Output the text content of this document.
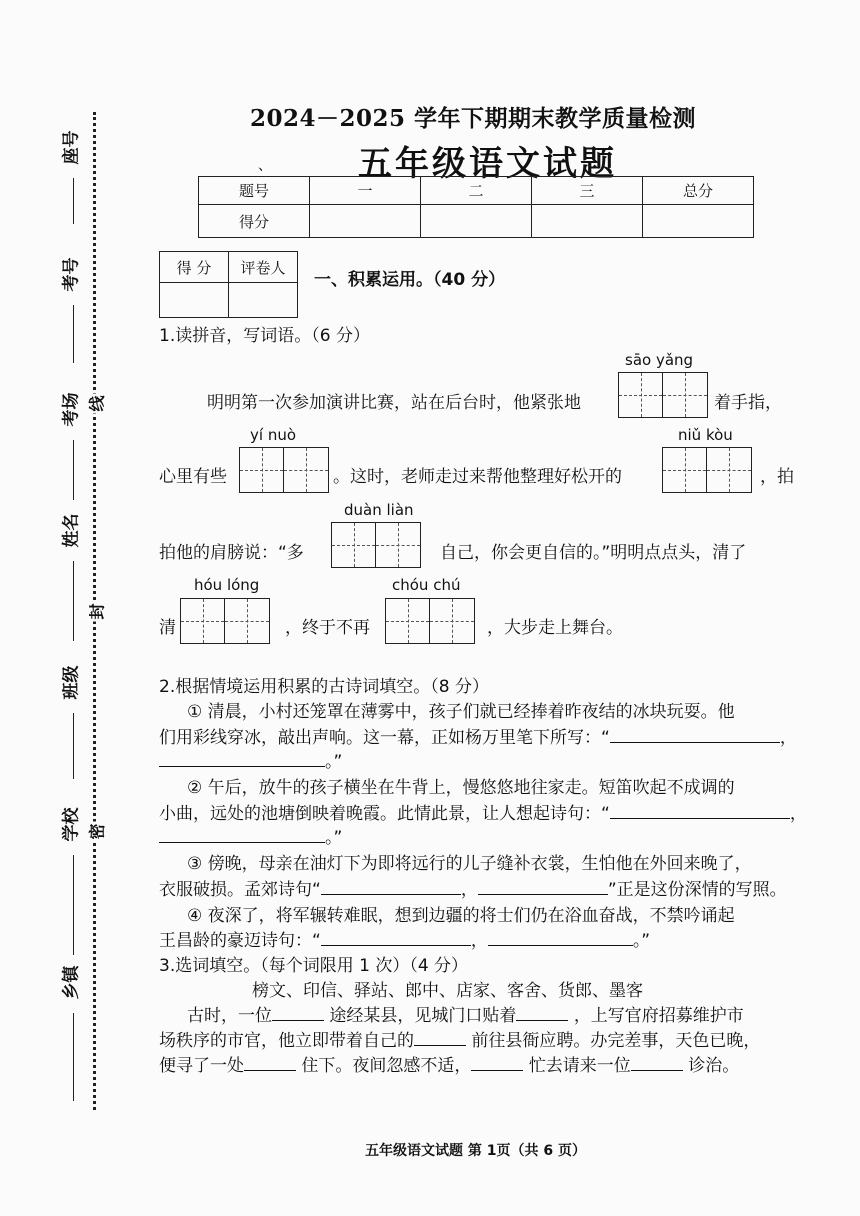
座号
考号
考场
姓名
班级
学校
乡镇
线
封
密
2024－2025 学年下期期末教学质量检测
、	五年级语文试题
题号	一	二	三	总分
得分				
得 分	评卷人

一、积累运用。（40 分）
1.读拼音，写词语。（6 分）
sāo yǎng
明明第一次参加演讲比赛，站在后台时，他紧张地	着手指，
yí nuò	niǔ kòu
心里有些	。这时，老师走过来帮他整理好松开的	，拍
duàn liàn
拍他的肩膀说：“多	自己，你会更自信的。”明明点点头，清了
hóu lóng	chóu chú
清	，终于不再	，大步走上舞台。
2.根据情境运用积累的古诗词填空。（8 分）
① 清晨，小村还笼罩在薄雾中，孩子们就已经捧着昨夜结的冰块玩耍。他
们用彩线穿冰，敲出声响。这一幕，正如杨万里笔下所写：“	，
。”
② 午后，放牛的孩子横坐在牛背上，慢悠悠地往家走。短笛吹起不成调的
小曲，远处的池塘倒映着晚霞。此情此景，让人想起诗句：“	，
。”
③ 傍晚，母亲在油灯下为即将远行的儿子缝补衣裳，生怕他在外回来晚了，
衣服破损。孟郊诗句“	，	”正是这份深情的写照。
④ 夜深了，将军辗转难眠，想到边疆的将士们仍在浴血奋战，不禁吟诵起
王昌龄的豪迈诗句：“	，	。”
3.选词填空。（每个词限用 1 次）（4 分）
榜文、印信、驿站、郎中、店家、客舍、货郎、墨客
古时，一位	途经某县，见城门口贴着	，上写官府招募维护市
场秩序的市官，他立即带着自己的	前往县衙应聘。办完差事，天色已晚，
便寻了一处	住下。夜间忽感不适，	忙去请来一位	诊治。
五年级语文试题 第 1页（共 6 页）
